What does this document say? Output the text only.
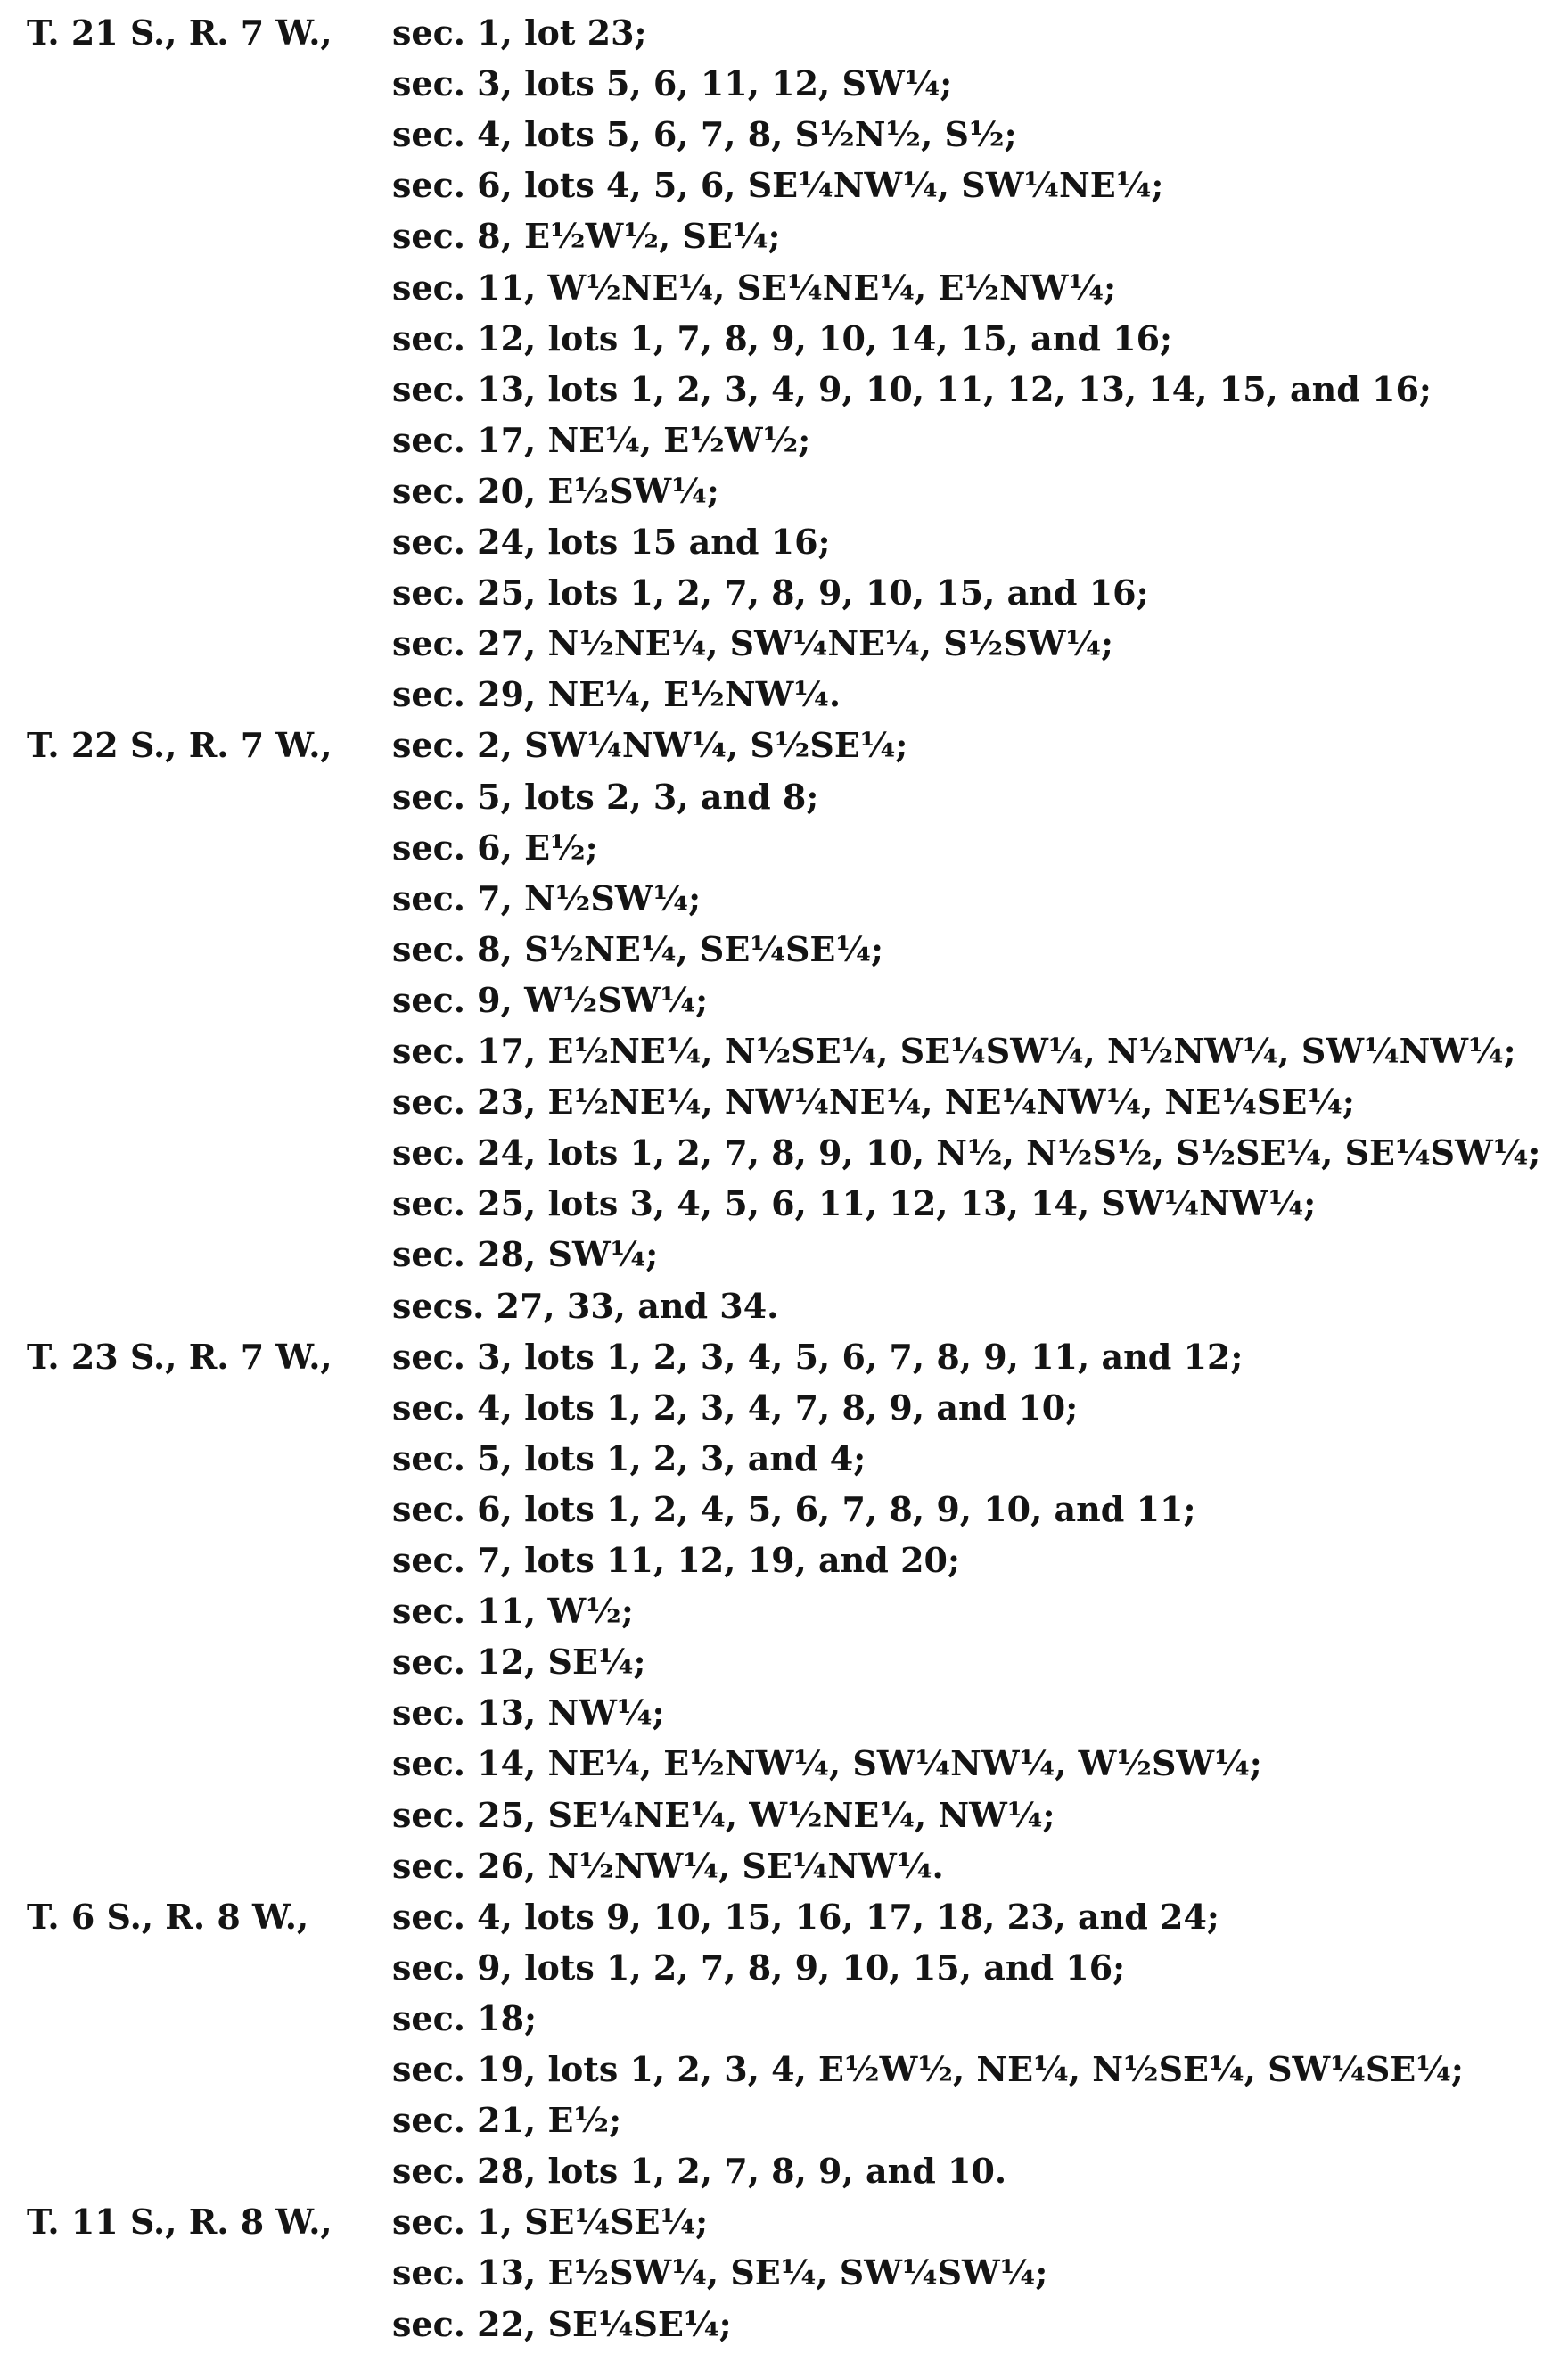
T. 21 S., R. 7 W.,	sec. 1, lot 23;
sec. 3, lots 5, 6, 11, 12, SW¼;
sec. 4, lots 5, 6, 7, 8, S½N½, S½;
sec. 6, lots 4, 5, 6, SE¼NW¼, SW¼NE¼;
sec. 8, E½W½, SE¼;
sec. 11, W½NE¼, SE¼NE¼, E½NW¼;
sec. 12, lots 1, 7, 8, 9, 10, 14, 15, and 16;
sec. 13, lots 1, 2, 3, 4, 9, 10, 11, 12, 13, 14, 15, and 16;
sec. 17, NE¼, E½W½;
sec. 20, E½SW¼;
sec. 24, lots 15 and 16;
sec. 25, lots 1, 2, 7, 8, 9, 10, 15, and 16;
sec. 27, N½NE¼, SW¼NE¼, S½SW¼;
sec. 29, NE¼, E½NW¼.
T. 22 S., R. 7 W.,	sec. 2, SW¼NW¼, S½SE¼;
sec. 5, lots 2, 3, and 8;
sec. 6, E½;
sec. 7, N½SW¼;
sec. 8, S½NE¼, SE¼SE¼;
sec. 9, W½SW¼;
sec. 17, E½NE¼, N½SE¼, SE¼SW¼, N½NW¼, SW¼NW¼;
sec. 23, E½NE¼, NW¼NE¼, NE¼NW¼, NE¼SE¼;
sec. 24, lots 1, 2, 7, 8, 9, 10, N½, N½S½, S½SE¼, SE¼SW¼;
sec. 25, lots 3, 4, 5, 6, 11, 12, 13, 14, SW¼NW¼;
sec. 28, SW¼;
secs. 27, 33, and 34.
T. 23 S., R. 7 W.,	sec. 3, lots 1, 2, 3, 4, 5, 6, 7, 8, 9, 11, and 12;
sec. 4, lots 1, 2, 3, 4, 7, 8, 9, and 10;
sec. 5, lots 1, 2, 3, and 4;
sec. 6, lots 1, 2, 4, 5, 6, 7, 8, 9, 10, and 11;
sec. 7, lots 11, 12, 19, and 20;
sec. 11, W½;
sec. 12, SE¼;
sec. 13, NW¼;
sec. 14, NE¼, E½NW¼, SW¼NW¼, W½SW¼;
sec. 25, SE¼NE¼, W½NE¼, NW¼;
sec. 26, N½NW¼, SE¼NW¼.
T. 6 S., R. 8 W.,	sec. 4, lots 9, 10, 15, 16, 17, 18, 23, and 24;
sec. 9, lots 1, 2, 7, 8, 9, 10, 15, and 16;
sec. 18;
sec. 19, lots 1, 2, 3, 4, E½W½, NE¼, N½SE¼, SW¼SE¼;
sec. 21, E½;
sec. 28, lots 1, 2, 7, 8, 9, and 10.
T. 11 S., R. 8 W.,	sec. 1, SE¼SE¼;
sec. 13, E½SW¼, SE¼, SW¼SW¼;
sec. 22, SE¼SE¼;
